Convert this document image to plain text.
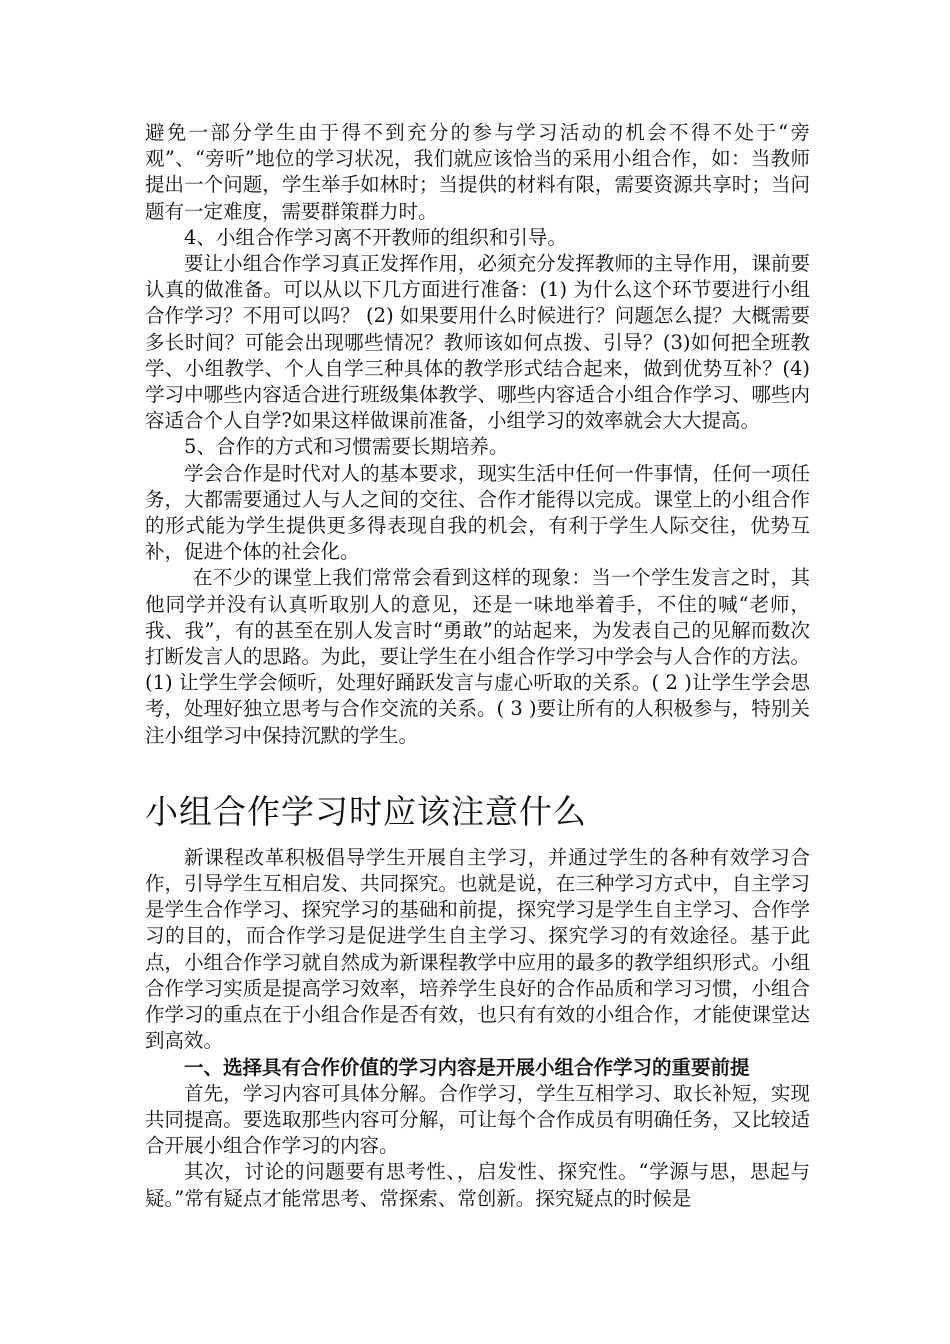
避免一部分学生由于得不到充分的参与学习活动的机会不得不处于“旁观”、“旁听”地位的学习状况，我们就应该恰当的采用小组合作，如：当教师提出一个问题，学生举手如林时；当提供的材料有限，需要资源共享时；当问题有一定难度，需要群策群力时。

4、小组合作学习离不开教师的组织和引导。

要让小组合作学习真正发挥作用，必须充分发挥教师的主导作用，课前要认真的做准备。可以从以下几方面进行准备：(1) 为什么这个环节要进行小组合作学习？不用可以吗？ (2) 如果要用什么时候进行？问题怎么提？大概需要多长时间？可能会出现哪些情况？教师该如何点拨、引导？(3)如何把全班教学、小组教学、个人自学三种具体的教学形式结合起来，做到优势互补？(4)学习中哪些内容适合进行班级集体教学、哪些内容适合小组合作学习、哪些内容适合个人自学?如果这样做课前准备，小组学习的效率就会大大提高。

5、合作的方式和习惯需要长期培养。

学会合作是时代对人的基本要求，现实生活中任何一件事情，任何一项任务，大都需要通过人与人之间的交往、合作才能得以完成。课堂上的小组合作的形式能为学生提供更多得表现自我的机会，有利于学生人际交往，优势互补，促进个体的社会化。

在不少的课堂上我们常常会看到这样的现象：当一个学生发言之时，其他同学并没有认真听取别人的意见，还是一味地举着手，不住的喊“老师，我、我”，有的甚至在别人发言时“勇敢”的站起来，为发表自己的见解而数次打断发言人的思路。为此，要让学生在小组合作学习中学会与人合作的方法。(1) 让学生学会倾听，处理好踊跃发言与虚心听取的关系。( 2 )让学生学会思考，处理好独立思考与合作交流的关系。( 3 )要让所有的人积极参与，特别关注小组学习中保持沉默的学生。

小组合作学习时应该注意什么

新课程改革积极倡导学生开展自主学习，并通过学生的各种有效学习合作，引导学生互相启发、共同探究。也就是说，在三种学习方式中，自主学习是学生合作学习、探究学习的基础和前提，探究学习是学生自主学习、合作学习的目的，而合作学习是促进学生自主学习、探究学习的有效途径。基于此点，小组合作学习就自然成为新课程教学中应用的最多的教学组织形式。小组合作学习实质是提高学习效率，培养学生良好的合作品质和学习习惯，小组合作学习的重点在于小组合作是否有效，也只有有效的小组合作，才能使课堂达到高效。

一、选择具有合作价值的学习内容是开展小组合作学习的重要前提

首先，学习内容可具体分解。合作学习，学生互相学习、取长补短，实现共同提高。要选取那些内容可分解，可让每个合作成员有明确任务，又比较适合开展小组合作学习的内容。

其次，讨论的问题要有思考性、，启发性、探究性。“学源与思，思起与疑。”常有疑点才能常思考、常探索、常创新。探究疑点的时候是
